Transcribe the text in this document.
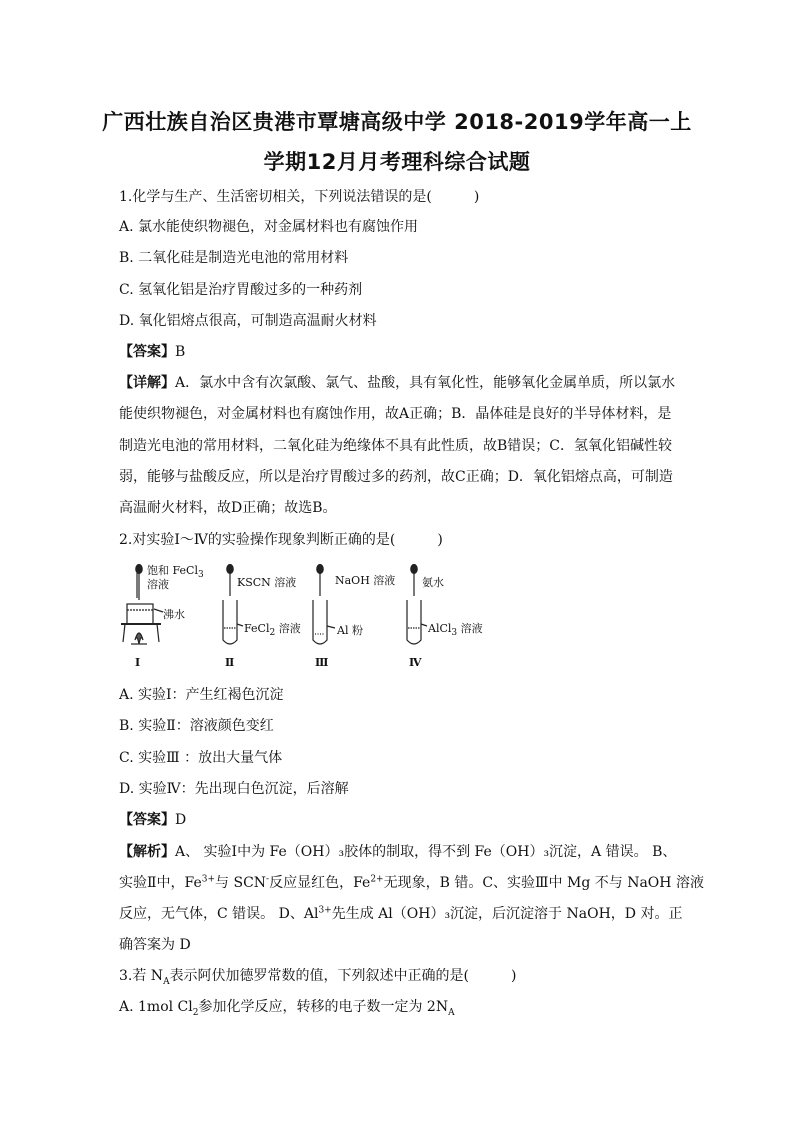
广西壮族自治区贵港市覃塘高级中学 2018-2019学年高一上
学期12月月考理科综合试题
1.化学与生产、生活密切相关，下列说法错误的是(　　　)
A. 氯水能使织物褪色，对金属材料也有腐蚀作用
B. 二氧化硅是制造光电池的常用材料
C. 氢氧化铝是治疗胃酸过多的一种药剂
D. 氧化铝熔点很高，可制造高温耐火材料
【答案】B
【详解】A．氯水中含有次氯酸、氯气、盐酸，具有氧化性，能够氧化金属单质，所以氯水
能使织物褪色，对金属材料也有腐蚀作用，故A正确；B．晶体硅是良好的半导体材料，是
制造光电池的常用材料，二氧化硅为绝缘体不具有此性质，故B错误；C．氢氧化铝碱性较
弱，能够与盐酸反应，所以是治疗胃酸过多的药剂，故C正确；D．氧化铝熔点高，可制造
高温耐火材料，故D正确；故选B。
2.对实验Ⅰ～Ⅳ的实验操作现象判断正确的是(　　　)
饱和 FeCl$_3$
溶液
沸水
KSCN 溶液
FeCl$_2$ 溶液
NaOH 溶液
Al 粉
氨水
AlCl$_3$ 溶液
Ⅰ	Ⅱ	Ⅲ	Ⅳ
A. 实验Ⅰ：产生红褐色沉淀
B. 实验Ⅱ：溶液颜色变红
C. 实验Ⅲ ：放出大量气体
D. 实验Ⅳ：先出现白色沉淀，后溶解
【答案】D
【解析】A、 实验Ⅰ中为 Fe（OH）₃胶体的制取，得不到 Fe（OH）₃沉淀，A 错误。 B、
实验Ⅱ中，$Fe^{3+}$与 SCN-反应显红色，$Fe^{2+}$无现象，B 错。C、实验Ⅲ中 Mg 不与 NaOH 溶液
反应，无气体，C 错误。 D、$Al^{3+}$先生成 Al（OH）₃沉淀，后沉淀溶于 NaOH，D 对。正
确答案为 D
3.若 $N_A$表示阿伏加德罗常数的值，下列叙述中正确的是(　　　)
A. 1mol $Cl_2$参加化学反应，转移的电子数一定为 $2N_A$
